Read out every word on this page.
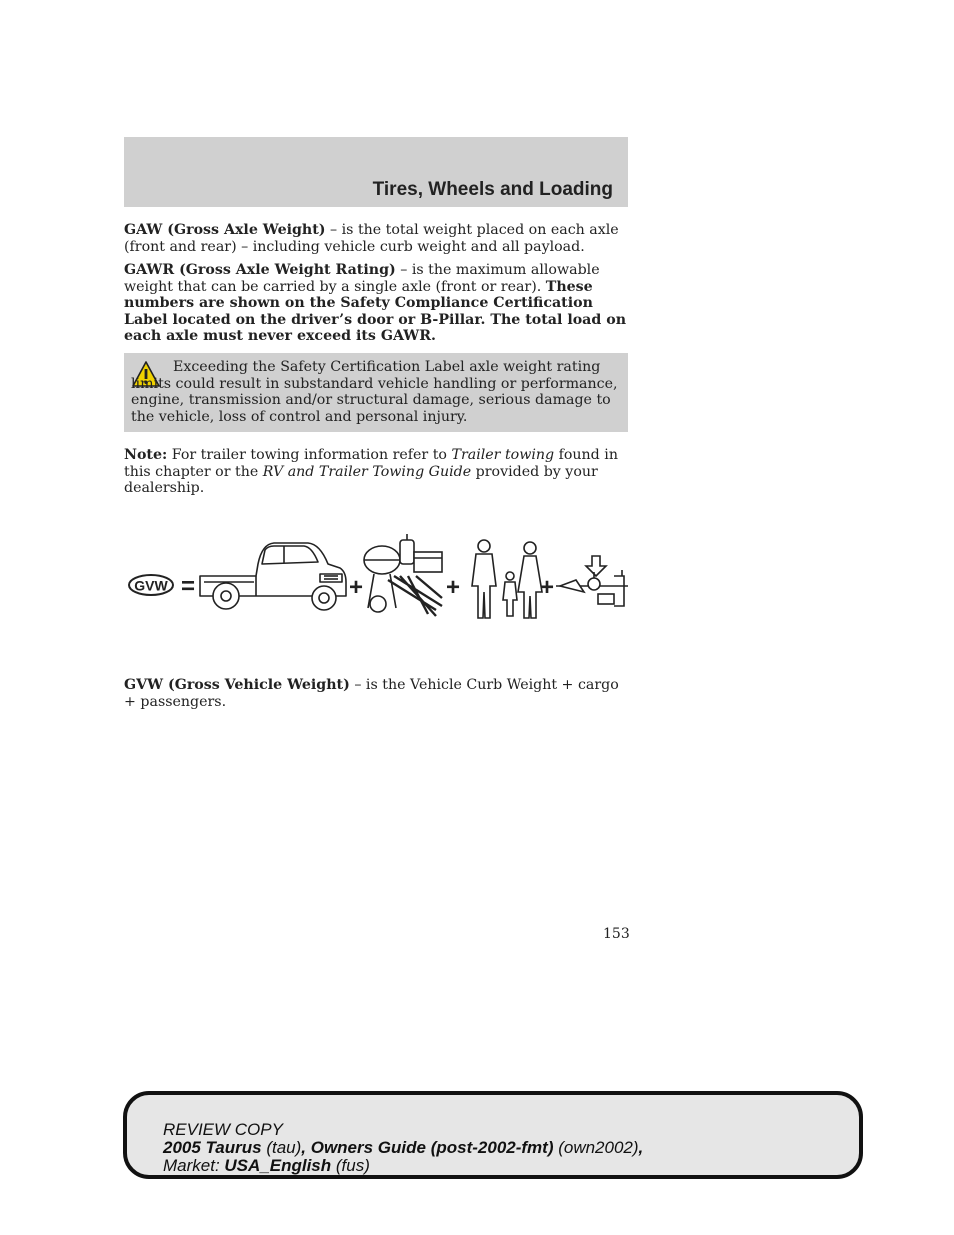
Tires, Wheels and Loading
GAW (Gross Axle Weight) – is the total weight placed on each axle (front and rear) – including vehicle curb weight and all payload.
GAWR (Gross Axle Weight Rating) – is the maximum allowable weight that can be carried by a single axle (front or rear). These numbers are shown on the Safety Compliance Certification Label located on the driver’s door or B-Pillar. The total load on each axle must never exceed its GAWR.
Exceeding the Safety Certification Label axle weight rating limits could result in substandard vehicle handling or performance, engine, transmission and/or structural damage, serious damage to the vehicle, loss of control and personal injury.
Note: For trailer towing information refer to Trailer towing found in this chapter or the RV and Trailer Towing Guide provided by your dealership.
GVW =	+	+	+
GVW (Gross Vehicle Weight) – is the Vehicle Curb Weight + cargo + passengers.
153
REVIEW COPY
2005 Taurus (tau), Owners Guide (post-2002-fmt) (own2002),
Market: USA_English (fus)
